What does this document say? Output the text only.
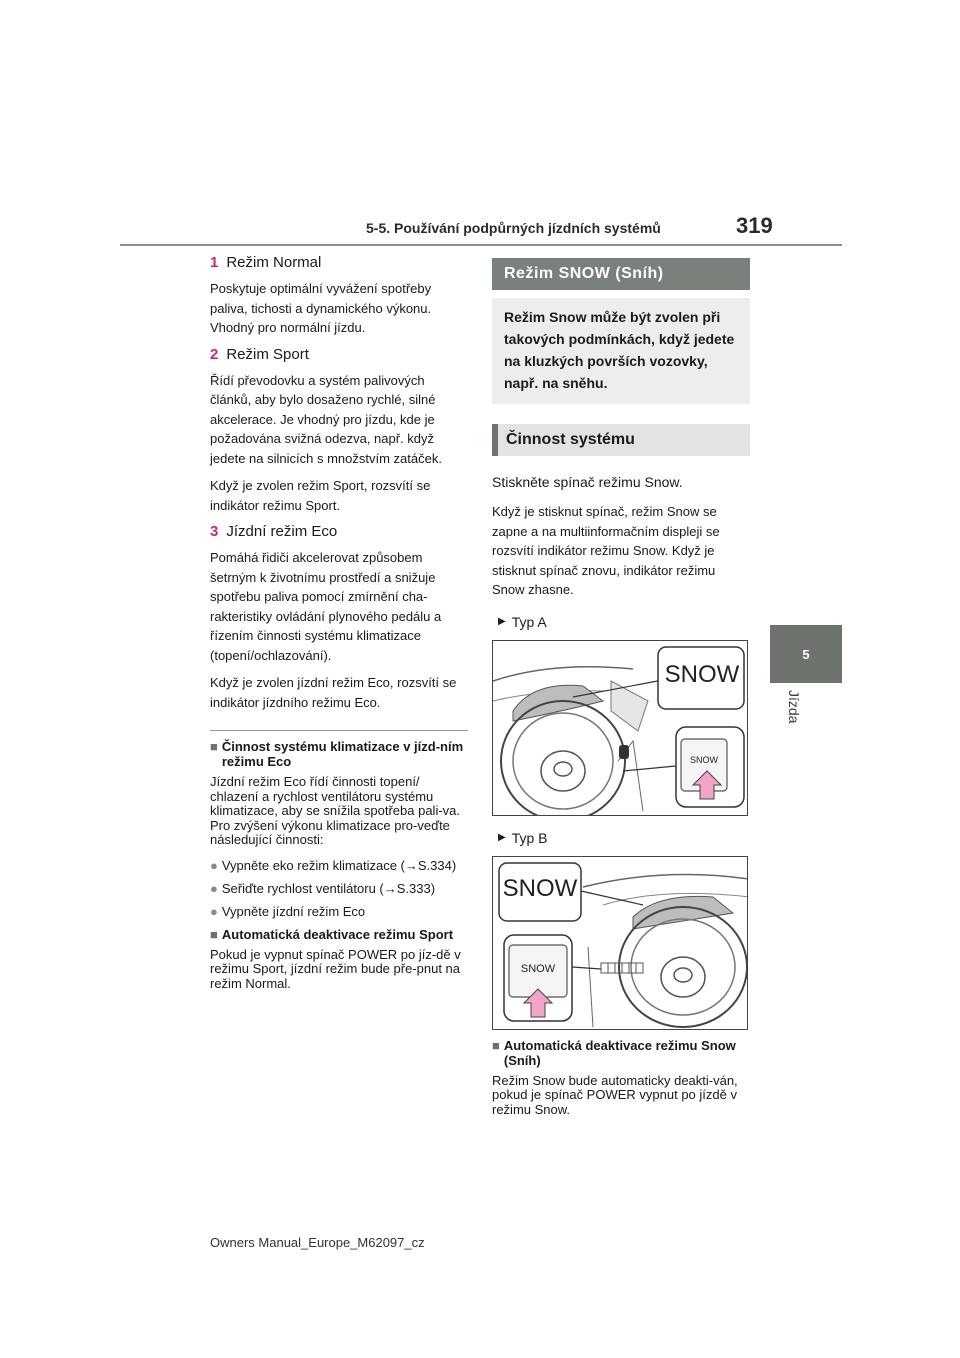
5-5. Používání podpůrných jízdních systémů	319
5
Jízda
1 Režim Normal

Poskytuje optimální vyvážení spotřeby paliva, tichosti a dynamického výkonu. Vhodný pro normální jízdu.

2 Režim Sport

Řídí převodovku a systém palivových článků, aby bylo dosaženo rychlé, silné akcelerace. Je vhodný pro jízdu, kde je požadována svižná odezva, např. když jedete na silnicích s množstvím zatáček.

Když je zvolen režim Sport, rozsvítí se indikátor režimu Sport.

3 Jízdní režim Eco

Pomáhá řidiči akcelerovat způsobem šetrným k životnímu prostředí a snižuje spotřebu paliva pomocí zmírnění cha-rakteristiky ovládání plynového pedálu a řízením činnosti systému klimatizace (topení/ochlazování).

Když je zvolen jízdní režim Eco, rozsvítí se indikátor jízdního režimu Eco.

■ Činnost systému klimatizace v jízd-ním režimu Eco

Jízdní režim Eco řídí činnosti topení/ chlazení a rychlost ventilátoru systému klimatizace, aby se snížila spotřeba pali-va. Pro zvýšení výkonu klimatizace pro-veďte následující činnosti:

● Vypněte eko režim klimatizace (→S.334)
● Seřiďte rychlost ventilátoru (→S.333)
● Vypněte jízdní režim Eco
■ Automatická deaktivace režimu Sport

Pokud je vypnut spínač POWER po jíz-dě v režimu Sport, jízdní režim bude pře-pnut na režim Normal.

Režim SNOW (Sníh)
Režim Snow může být zvolen při takových podmínkách, když jedete na kluzkých površích vozovky, např. na sněhu.
Činnost systému

Stiskněte spínač režimu Snow.

Když je stisknut spínač, režim Snow se zapne a na multiinformačním displeji se rozsvítí indikátor režimu Snow. Když je stisknut spínač znovu, indikátor režimu Snow zhasne.

▶ Typ A
SNOW
SNOW
▶ Typ B
SNOW
SNOW
■ Automatická deaktivace režimu Snow (Sníh)

Režim Snow bude automaticky deakti-ván, pokud je spínač POWER vypnut po jízdě v režimu Snow.

Owners Manual_Europe_M62097_cz
